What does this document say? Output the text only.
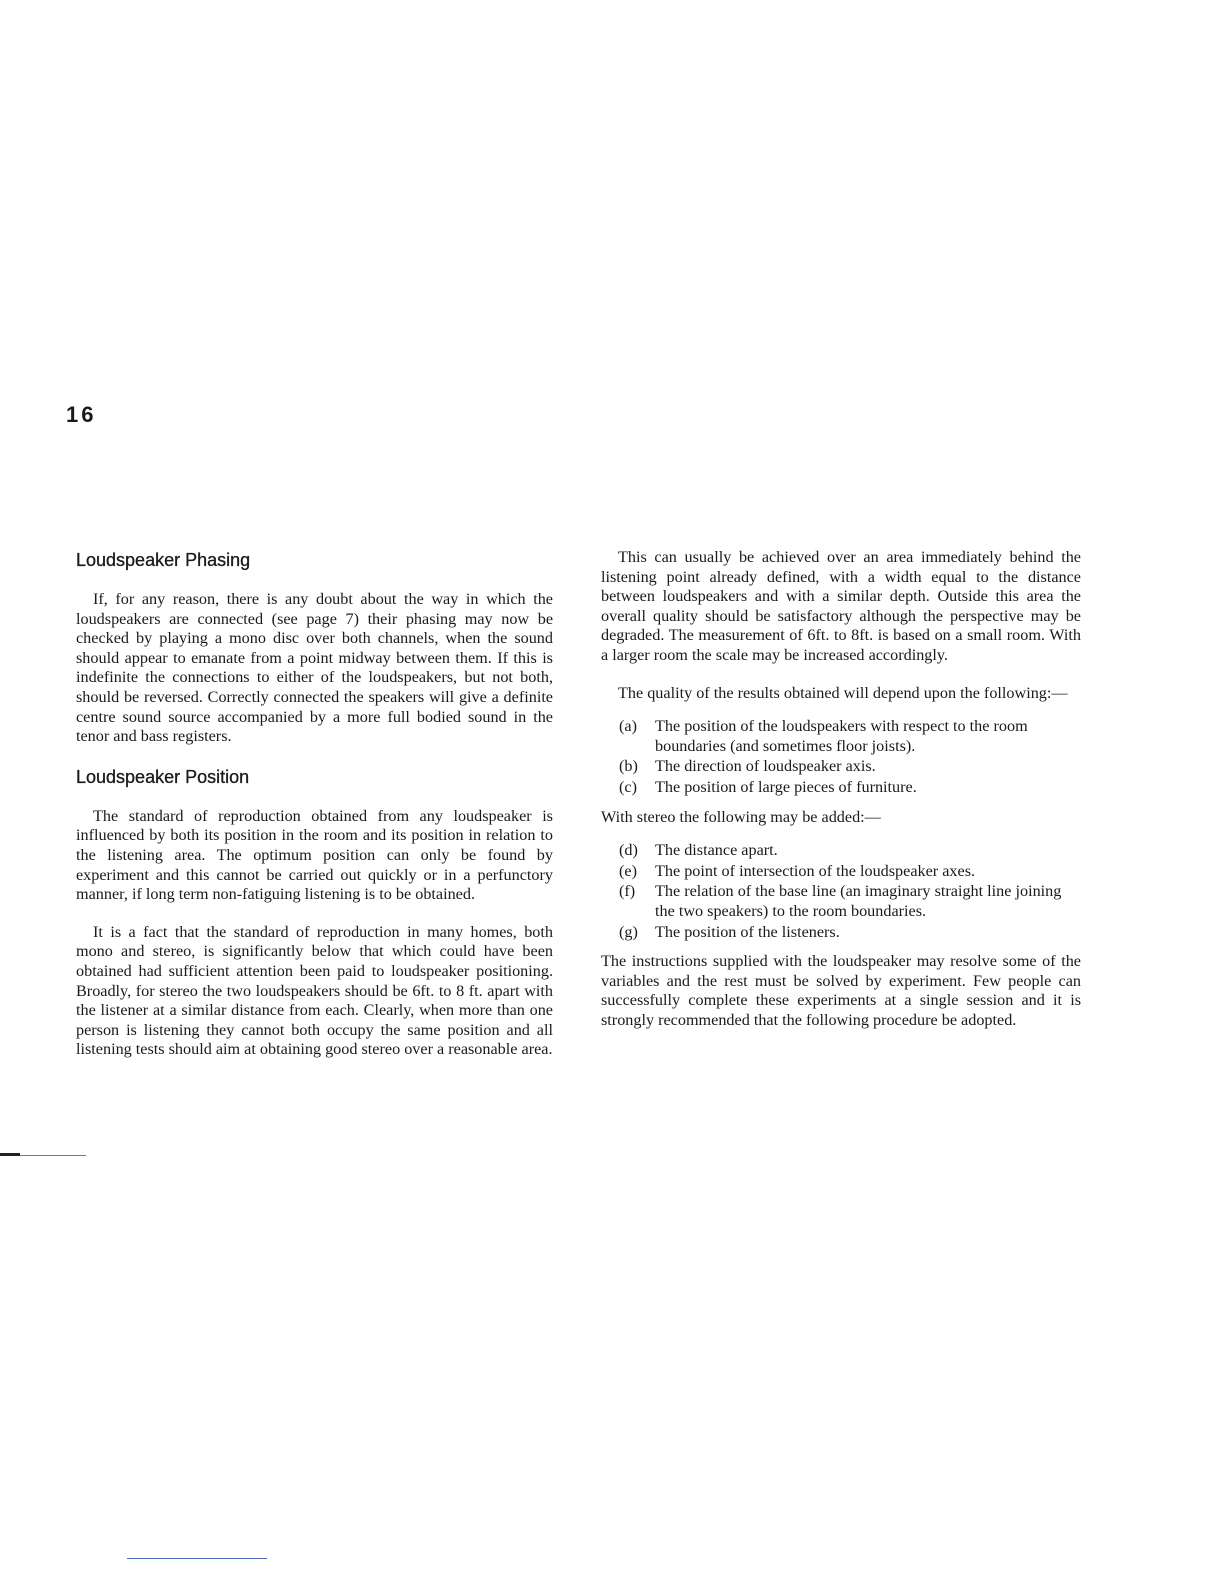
16
Loudspeaker Phasing

If, for any reason, there is any doubt about the way in which the loudspeakers are connected (see page 7) their phasing may now be checked by playing a mono disc over both channels, when the sound should appear to emanate from a point midway between them. If this is indefinite the connections to either of the loudspeakers, but not both, should be reversed. Correctly connected the speakers will give a definite centre sound source accompanied by a more full bodied sound in the tenor and bass registers.

Loudspeaker Position

The standard of reproduction obtained from any loudspeaker is influenced by both its position in the room and its position in relation to the listening area. The optimum position can only be found by experiment and this cannot be carried out quickly or in a perfunctory manner, if long term non-fatiguing listening is to be obtained.

It is a fact that the standard of reproduction in many homes, both mono and stereo, is significantly below that which could have been obtained had sufficient attention been paid to loudspeaker positioning. Broadly, for stereo the two loudspeakers should be 6ft. to 8 ft. apart with the listener at a similar distance from each. Clearly, when more than one person is listening they cannot both occupy the same position and all listening tests should aim at obtaining good stereo over a reasonable area.

This can usually be achieved over an area immediately behind the listening point already defined, with a width equal to the distance between loudspeakers and with a similar depth. Outside this area the overall quality should be satisfactory although the perspective may be degraded. The measurement of 6ft. to 8ft. is based on a small room. With a larger room the scale may be increased accordingly.

The quality of the results obtained will depend upon the following:—

(a) The position of the loudspeakers with respect to the room boundaries (and sometimes floor joists).
(b) The direction of loudspeaker axis.
(c) The position of large pieces of furniture.

With stereo the following may be added:—

(d) The distance apart.
(e) The point of intersection of the loudspeaker axes.
(f) The relation of the base line (an imaginary straight line joining the two speakers) to the room boundaries.
(g) The position of the listeners.

The instructions supplied with the loudspeaker may resolve some of the variables and the rest must be solved by experiment. Few people can successfully complete these experiments at a single session and it is strongly recommended that the following procedure be adopted.
